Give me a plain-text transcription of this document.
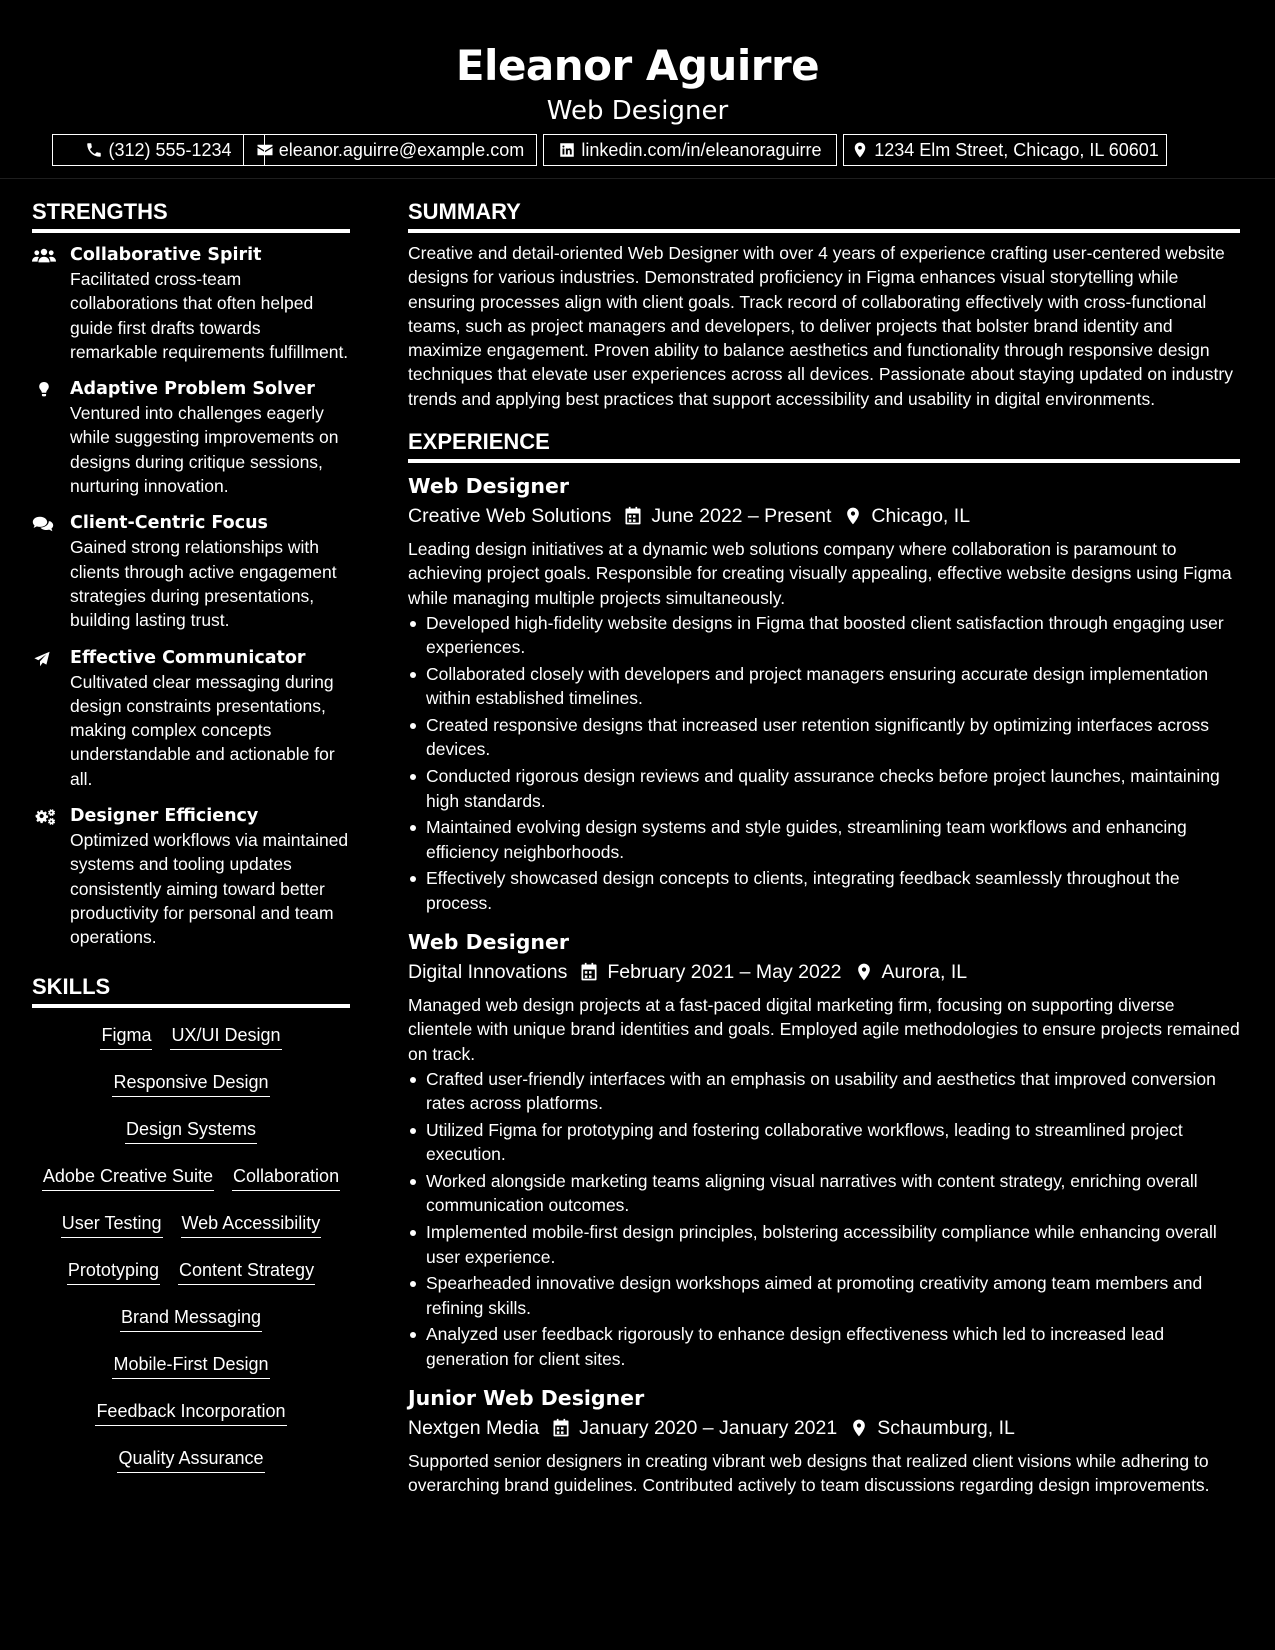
Eleanor Aguirre
Web Designer
(312) 555-1234	eleanor.aguirre@example.com	linkedin.com/in/eleanoraguirre	1234 Elm Street, Chicago, IL 60601
STRENGTHS
Collaborative Spirit
Facilitated cross-team collaborations that often helped guide first drafts towards remarkable requirements fulfillment.
Adaptive Problem Solver
Ventured into challenges eagerly while suggesting improvements on designs during critique sessions, nurturing innovation.
Client-Centric Focus
Gained strong relationships with clients through active engagement strategies during presentations, building lasting trust.
Effective Communicator
Cultivated clear messaging during design constraints presentations, making complex concepts understandable and actionable for all.
Designer Efficiency
Optimized workflows via maintained systems and tooling updates consistently aiming toward better productivity for personal and team operations.
SKILLS
Figma UX/UI Design
Responsive Design
Design Systems
Adobe Creative Suite Collaboration
User Testing Web Accessibility
Prototyping Content Strategy
Brand Messaging
Mobile-First Design
Feedback Incorporation
Quality Assurance
SUMMARY
Creative and detail-oriented Web Designer with over 4 years of experience crafting user-centered website designs for various industries. Demonstrated proficiency in Figma enhances visual storytelling while ensuring processes align with client goals. Track record of collaborating effectively with cross-functional teams, such as project managers and developers, to deliver projects that bolster brand identity and maximize engagement. Proven ability to balance aesthetics and functionality through responsive design techniques that elevate user experiences across all devices. Passionate about staying updated on industry trends and applying best practices that support accessibility and usability in digital environments.
EXPERIENCE
Web Designer
Creative Web Solutions June 2022 – Present Chicago, IL
Leading design initiatives at a dynamic web solutions company where collaboration is paramount to achieving project goals. Responsible for creating visually appealing, effective website designs using Figma while managing multiple projects simultaneously.
Developed high-fidelity website designs in Figma that boosted client satisfaction through engaging user experiences.
Collaborated closely with developers and project managers ensuring accurate design implementation within established timelines.
Created responsive designs that increased user retention significantly by optimizing interfaces across devices.
Conducted rigorous design reviews and quality assurance checks before project launches, maintaining high standards.
Maintained evolving design systems and style guides, streamlining team workflows and enhancing efficiency neighborhoods.
Effectively showcased design concepts to clients, integrating feedback seamlessly throughout the process.
Web Designer
Digital Innovations February 2021 – May 2022 Aurora, IL
Managed web design projects at a fast-paced digital marketing firm, focusing on supporting diverse clientele with unique brand identities and goals. Employed agile methodologies to ensure projects remained on track.
Crafted user-friendly interfaces with an emphasis on usability and aesthetics that improved conversion rates across platforms.
Utilized Figma for prototyping and fostering collaborative workflows, leading to streamlined project execution.
Worked alongside marketing teams aligning visual narratives with content strategy, enriching overall communication outcomes.
Implemented mobile-first design principles, bolstering accessibility compliance while enhancing overall user experience.
Spearheaded innovative design workshops aimed at promoting creativity among team members and refining skills.
Analyzed user feedback rigorously to enhance design effectiveness which led to increased lead generation for client sites.
Junior Web Designer
Nextgen Media January 2020 – January 2021 Schaumburg, IL
Supported senior designers in creating vibrant web designs that realized client visions while adhering to overarching brand guidelines. Contributed actively to team discussions regarding design improvements.
